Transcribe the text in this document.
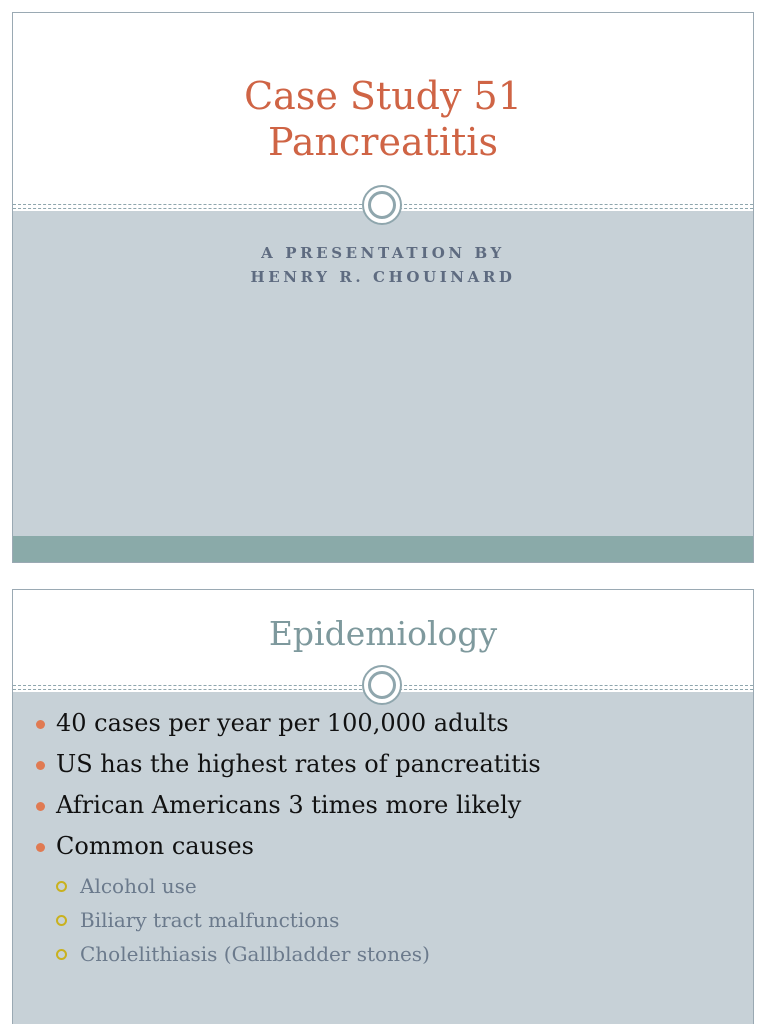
Case Study 51
Pancreatitis
A PRESENTATION BY
HENRY R. CHOUINARD
Epidemiology
40 cases per year per 100,000 adults
US has the highest rates of pancreatitis
African Americans 3 times more likely
Common causes
Alcohol use
Biliary tract malfunctions
Cholelithiasis (Gallbladder stones)
